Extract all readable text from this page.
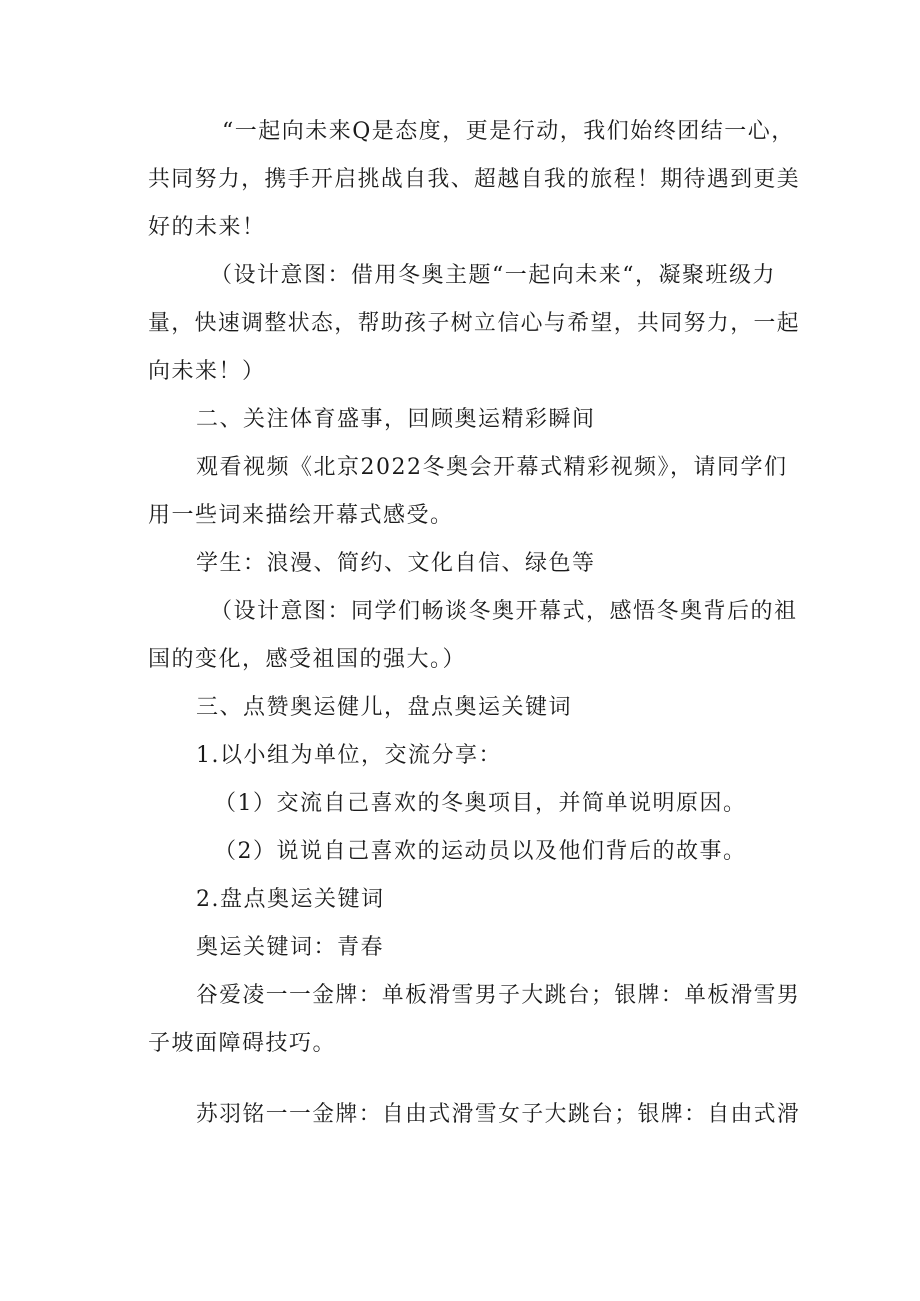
“一起向未来Q是态度，更是行动，我们始终团结一心，
共同努力，携手开启挑战自我、超越自我的旅程！期待遇到更美
好的未来！
（设计意图：借用冬奥主题“一起向未来“，凝聚班级力
量，快速调整状态，帮助孩子树立信心与希望，共同努力，一起
向未来！）
二、关注体育盛事，回顾奥运精彩瞬间
观看视频《北京2022冬奥会开幕式精彩视频》，请同学们
用一些词来描绘开幕式感受。
学生：浪漫、简约、文化自信、绿色等
（设计意图：同学们畅谈冬奥开幕式，感悟冬奥背后的祖
国的变化，感受祖国的强大。）
三、点赞奥运健儿，盘点奥运关键词
1.以小组为单位，交流分享：
（1）交流自己喜欢的冬奥项目，并简单说明原因。
（2）说说自己喜欢的运动员以及他们背后的故事。
2.盘点奥运关键词
奥运关键词：青春
谷爱凌一一金牌：单板滑雪男子大跳台；银牌：单板滑雪男
子坡面障碍技巧。
苏羽铭一一金牌：自由式滑雪女子大跳台；银牌：自由式滑
